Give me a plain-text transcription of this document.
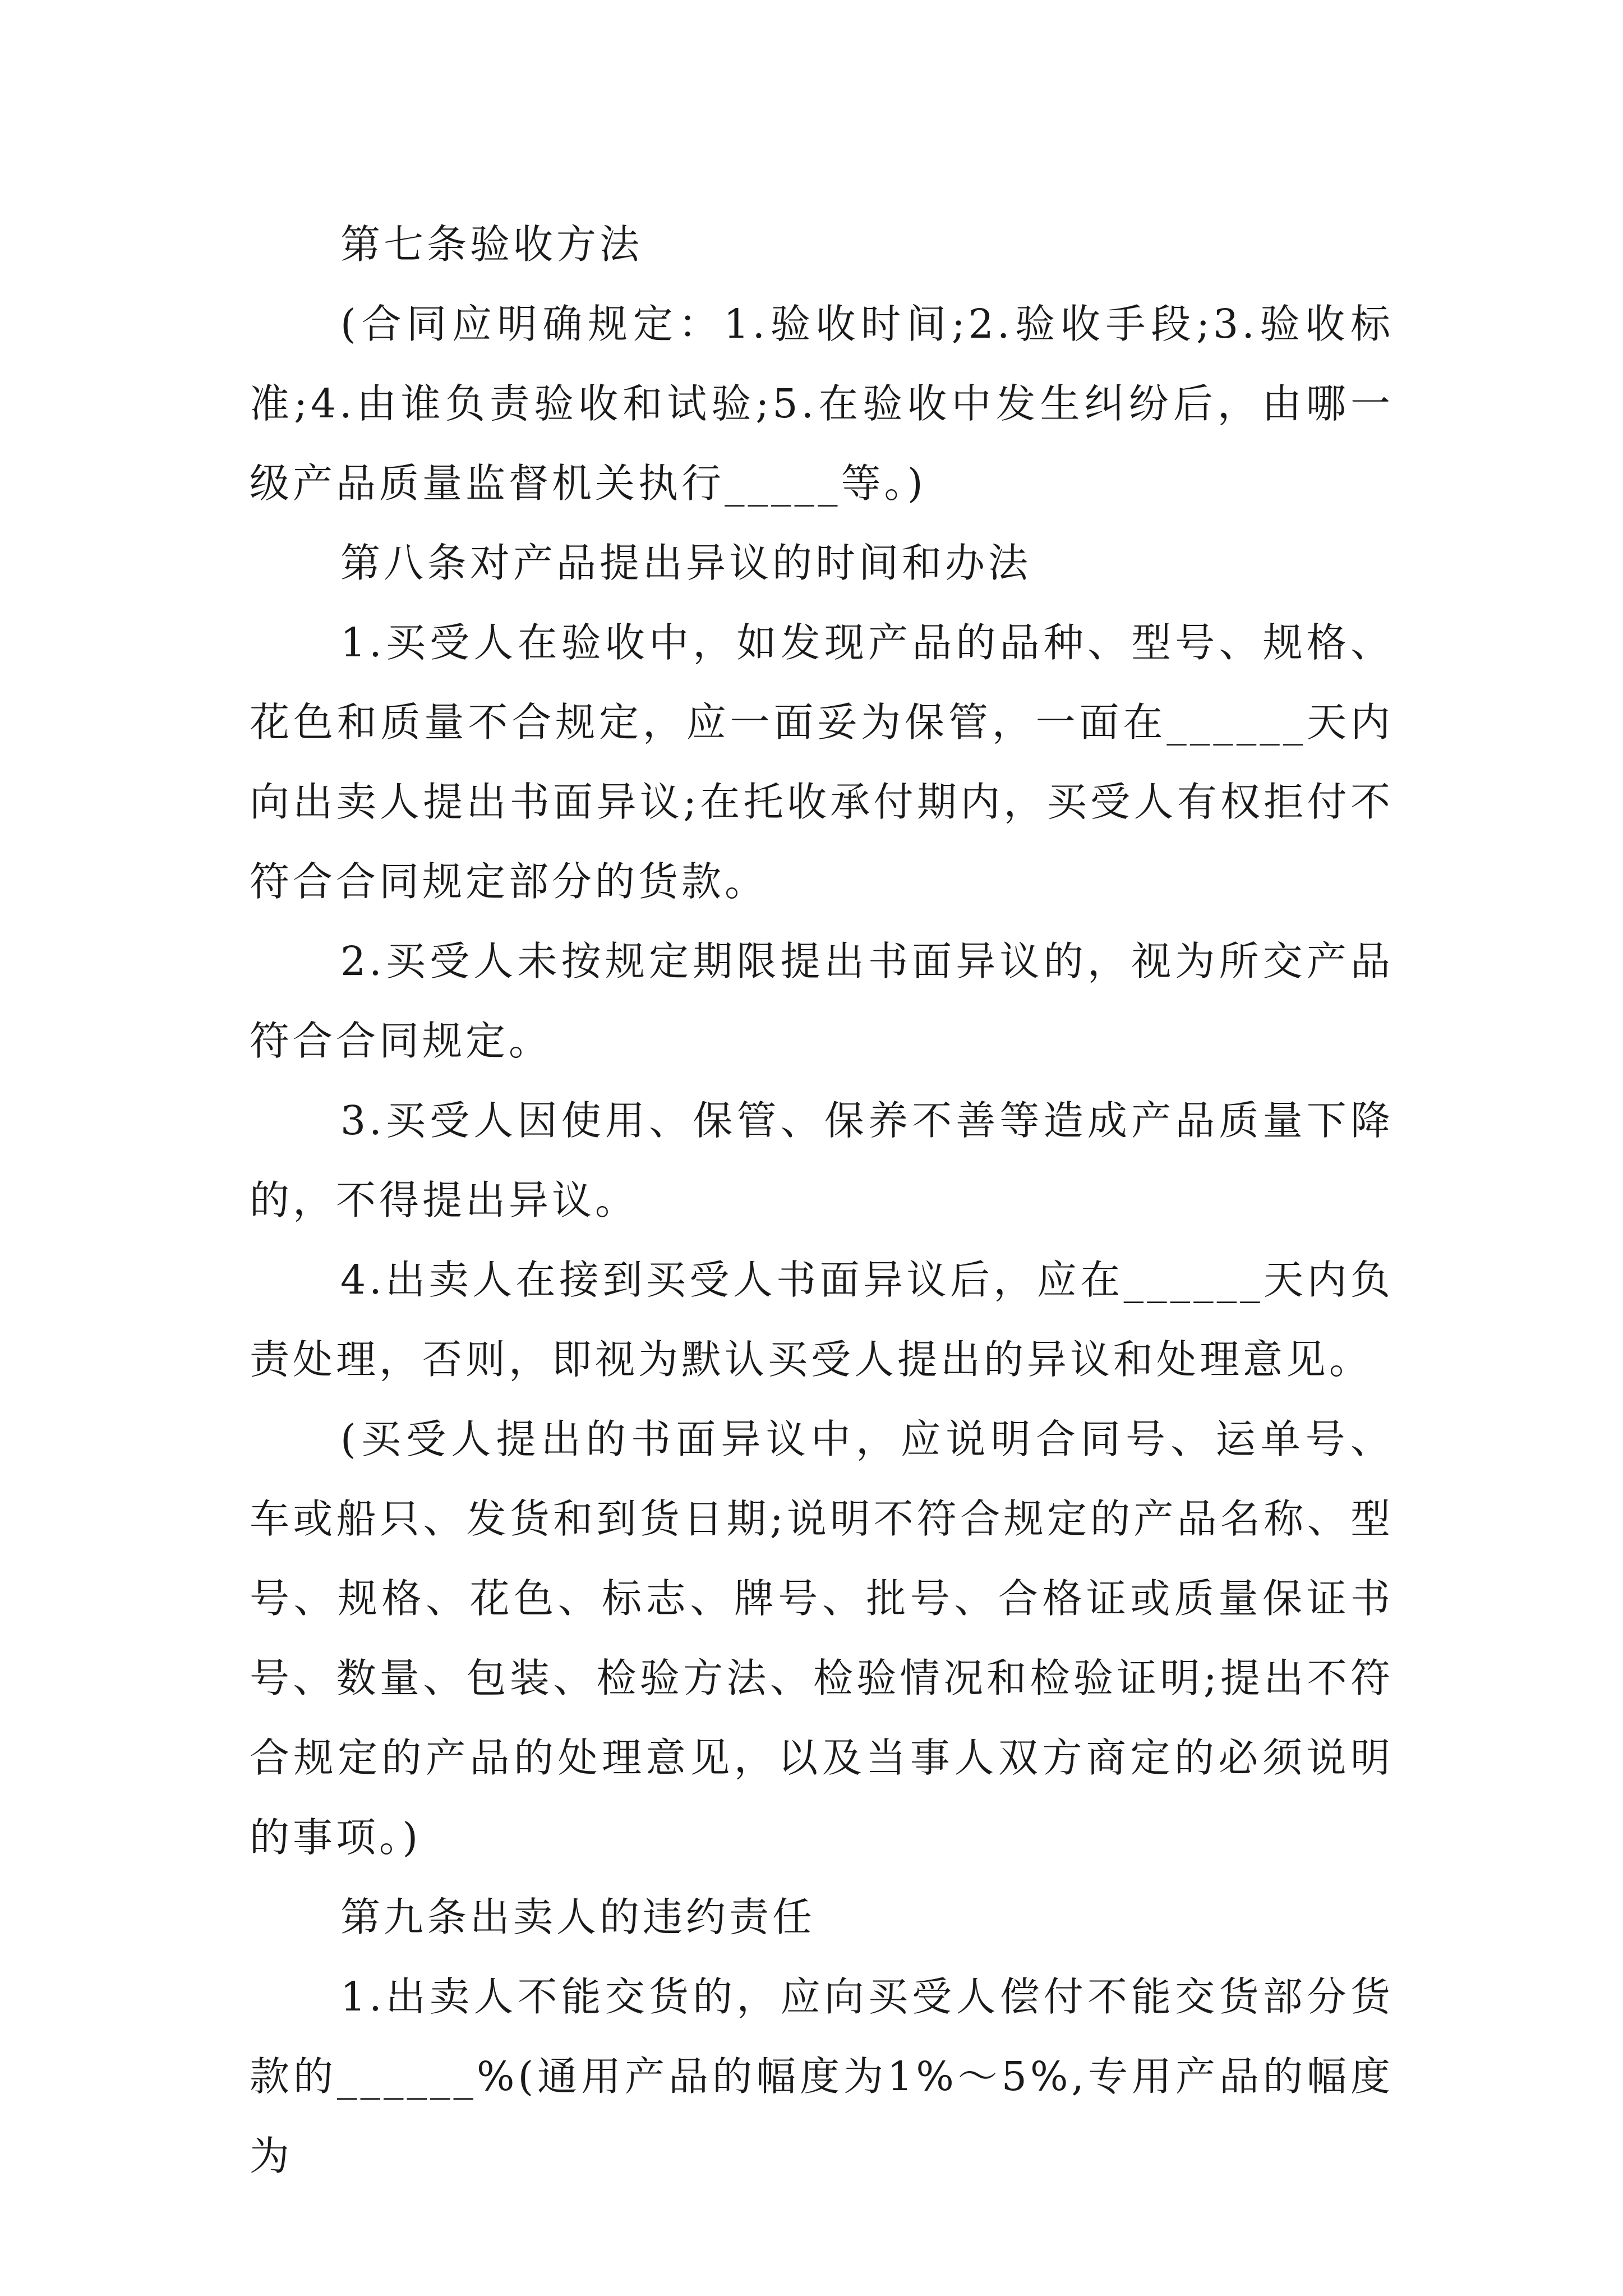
第七条验收方法

(合同应明确规定：1.验收时间;2.验收手段;3.验收标准;4.由谁负责验收和试验;5.在验收中发生纠纷后，由哪一级产品质量监督机关执行_____等。)

第八条对产品提出异议的时间和办法

1.买受人在验收中，如发现产品的品种、型号、规格、花色和质量不合规定，应一面妥为保管，一面在______天内向出卖人提出书面异议;在托收承付期内，买受人有权拒付不符合合同规定部分的货款。

2.买受人未按规定期限提出书面异议的，视为所交产品符合合同规定。

3.买受人因使用、保管、保养不善等造成产品质量下降的，不得提出异议。

4.出卖人在接到买受人书面异议后，应在______天内负责处理，否则，即视为默认买受人提出的异议和处理意见。

(买受人提出的书面异议中，应说明合同号、运单号、车或船只、发货和到货日期;说明不符合规定的产品名称、型号、规格、花色、标志、牌号、批号、合格证或质量保证书号、数量、包装、检验方法、检验情况和检验证明;提出不符合规定的产品的处理意见，以及当事人双方商定的必须说明的事项。)

第九条出卖人的违约责任

1.出卖人不能交货的，应向买受人偿付不能交货部分货款的______%(通用产品的幅度为1%～5%,专用产品的幅度为
